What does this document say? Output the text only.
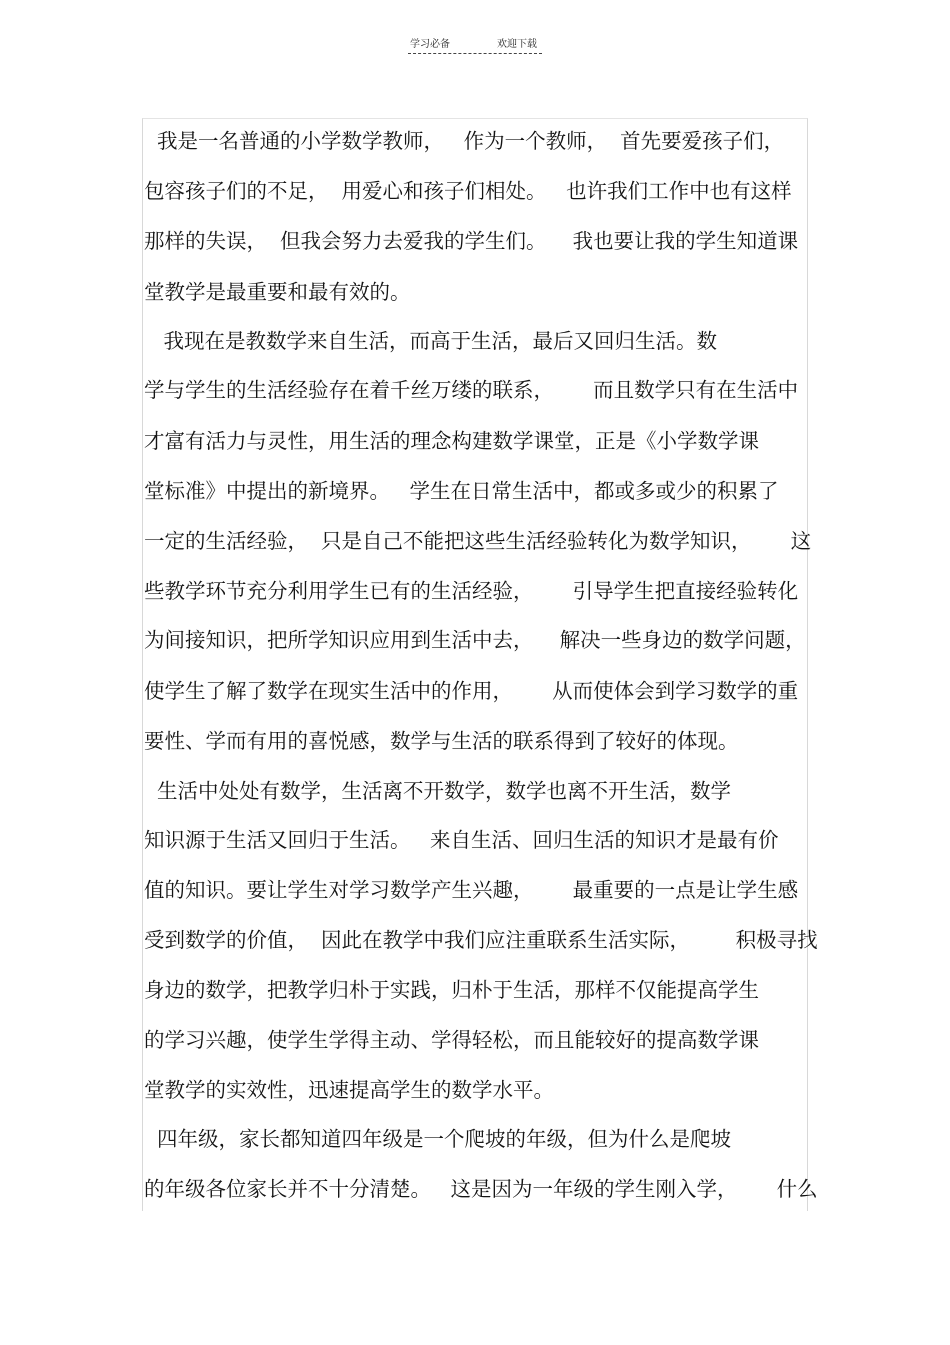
学习必备	欢迎下载
我是一名普通的小学数学教师，   作为一个教师，  首先要爱孩子们，
包容孩子们的不足，  用爱心和孩子们相处。   也许我们工作中也有这样
那样的失误，  但我会努力去爱我的学生们。    我也要让我的学生知道课
堂教学是最重要和最有效的。
我现在是教数学来自生活，而高于生活，最后又回归生活。数
学与学生的生活经验存在着千丝万缕的联系，      而且数学只有在生活中
才富有活力与灵性，用生活的理念构建数学课堂，正是《小学数学课
堂标准》中提出的新境界。   学生在日常生活中，都或多或少的积累了
一定的生活经验，  只是自己不能把这些生活经验转化为数学知识，      这
些教学环节充分利用学生已有的生活经验，      引导学生把直接经验转化
为间接知识，把所学知识应用到生活中去，    解决一些身边的数学问题，
使学生了解了数学在现实生活中的作用，      从而使体会到学习数学的重
要性、学而有用的喜悦感，数学与生活的联系得到了较好的体现。
生活中处处有数学，生活离不开数学，数学也离不开生活，数学
知识源于生活又回归于生活。   来自生活、回归生活的知识才是最有价
值的知识。要让学生对学习数学产生兴趣，      最重要的一点是让学生感
受到数学的价值，  因此在教学中我们应注重联系生活实际，       积极寻找
身边的数学，把教学归朴于实践，归朴于生活，那样不仅能提高学生
的学习兴趣，使学生学得主动、学得轻松，而且能较好的提高数学课
堂教学的实效性，迅速提高学生的数学水平。
四年级，家长都知道四年级是一个爬坡的年级，但为什么是爬坡
的年级各位家长并不十分清楚。   这是因为一年级的学生刚入学，      什么
